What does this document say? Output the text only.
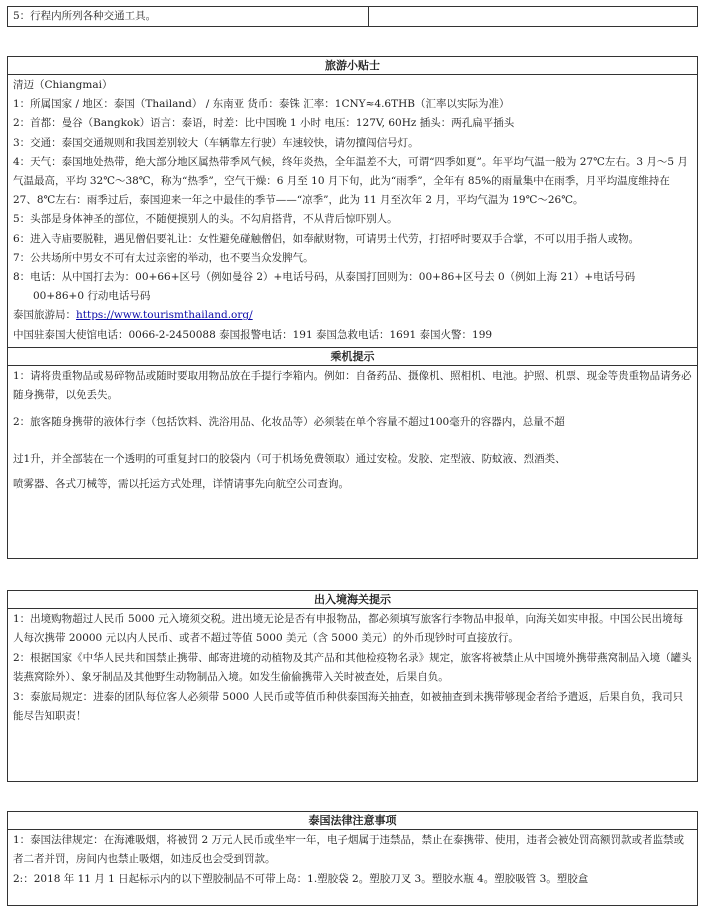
5：行程内所列各种交通工具。
旅游小贴士

清迈（Chiangmai）

1：所属国家 / 地区：泰国（Thailand） / 东南亚 货币：泰铢 汇率：1CNY≈4.6THB（汇率以实际为准）

2：首都：曼谷（Bangkok）语言：泰语，时差：比中国晚 1 小时 电压：127V, 60Hz 插头：两孔扁平插头

3：交通：泰国交通规则和我国差别较大（车辆靠左行驶）车速较快，请勿擅闯信号灯。

4：天气：泰国地处热带，绝大部分地区属热带季风气候，终年炎热，全年温差不大，可谓“四季如夏”。年平均气温一般为 27℃左右。3 月～5 月气温最高，平均 32℃～38℃，称为“热季”，空气干燥：6 月至 10 月下旬，此为“雨季”，全年有 85%的雨量集中在雨季，月平均温度维持在 27、8℃左右：雨季过后，泰国迎来一年之中最佳的季节——“凉季”，此为 11 月至次年 2 月，平均气温为 19℃～26℃。

5：头部是身体神圣的部位，不随便摸别人的头。不勾肩搭背，不从背后惊吓别人。

6：进入寺庙要脱鞋，遇见僧侣要礼让：女性避免碰触僧侣，如奉献财物，可请男士代劳，打招呼时要双手合掌，不可以用手指人或物。

7：公共场所中男女不可有太过亲密的举动，也不要当众发脾气。

8：电话：从中国打去为：00+66+区号（例如曼谷 2）+电话号码，从泰国打回则为：00+86+区号去 0（例如上海 21）+电话号码

00+86+0 行动电话号码

泰国旅游局：https://www.tourismthailand.org/

中国驻泰国大使馆电话：0066-2-2450088 泰国报警电话：191 泰国急救电话：1691 泰国火警：199

乘机提示

1：请将贵重物品或易碎物品或随时要取用物品放在手提行李箱内。例如：自备药品、摄像机、照相机、电池。护照、机票、现金等贵重物品请务必随身携带，以免丢失。

2：旅客随身携带的液体行李（包括饮料、洗浴用品、化妆品等）必须装在单个容量不超过100毫升的容器内，总量不超

过1升，并全部装在一个透明的可重复封口的胶袋内（可于机场免费领取）通过安检。发胶、定型液、防蚊液、烈酒类、

喷雾器、各式刀械等，需以托运方式处理，详情请事先向航空公司查询。

出入境海关提示

1：出境购物超过人民币 5000 元入境须交税。进出境无论是否有申报物品，都必须填写旅客行李物品申报单，向海关如实申报。中国公民出境每人每次携带 20000 元以内人民币、或者不超过等值 5000 美元（含 5000 美元）的外币现钞时可直接放行。

2：根据国家《中华人民共和国禁止携带、邮寄进境的动植物及其产品和其他检疫物名录》规定，旅客将被禁止从中国境外携带燕窝制品入境（罐头装燕窝除外）、象牙制品及其他野生动物制品入境。如发生偷偷携带入关时被查处，后果自负。

3：泰旅局规定：进泰的团队每位客人必须带 5000 人民币或等值币种供泰国海关抽查，如被抽查到未携带够现金者给予遣返，后果自负，我司只能尽告知职责！

泰国法律注意事项

1：泰国法律规定：在海滩吸烟，将被罚 2 万元人民币或坐牢一年，电子烟属于违禁品，禁止在泰携带、使用，违者会被处罚高额罚款或者监禁或者二者并罚，房间内也禁止吸烟，如违反也会受到罚款。

2:：2018 年 11 月 1 日起标示内的以下塑胶制品不可带上岛：1.塑胶袋 2。塑胶刀叉 3。塑胶水瓶 4。塑胶吸管 3。塑胶盒
